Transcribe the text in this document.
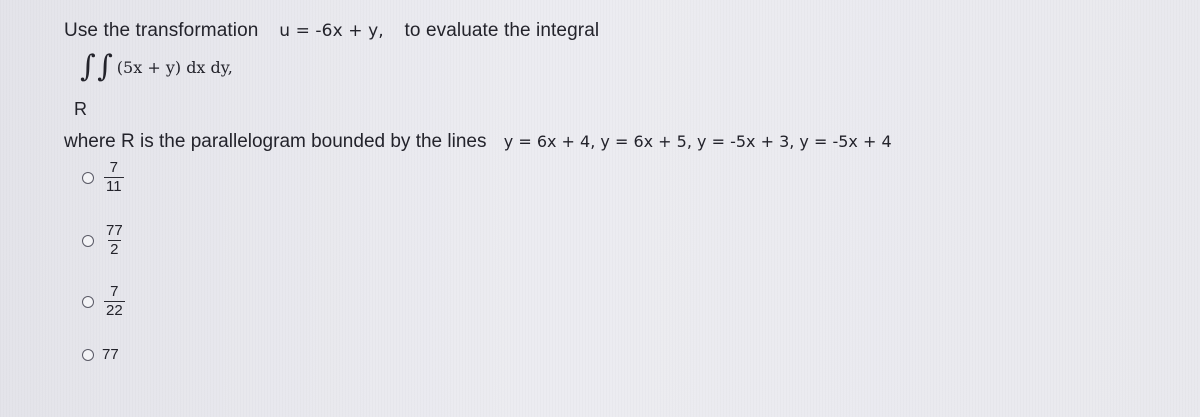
Use the transformation u = -6x + y, to evaluate the integral
∫ ∫ (5x + y) dx dy,
R
where R is the parallelogram bounded by the lines y = 6x + 4, y = 6x + 5, y = -5x + 3, y = -5x + 4
$\frac{7}{11}$
$\frac{77}{2}$
$\frac{7}{22}$
77
